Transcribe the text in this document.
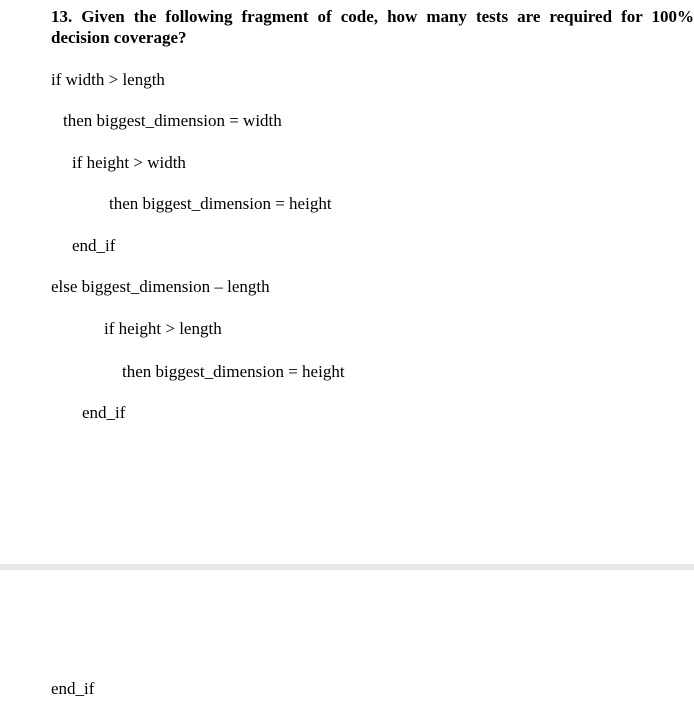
13. Given the following fragment of code, how many tests are required for 100% decision coverage?
if width > length
then biggest_dimension = width
if height > width
then biggest_dimension = height
end_if
else biggest_dimension – length
if height > length
then biggest_dimension = height
end_if
end_if
